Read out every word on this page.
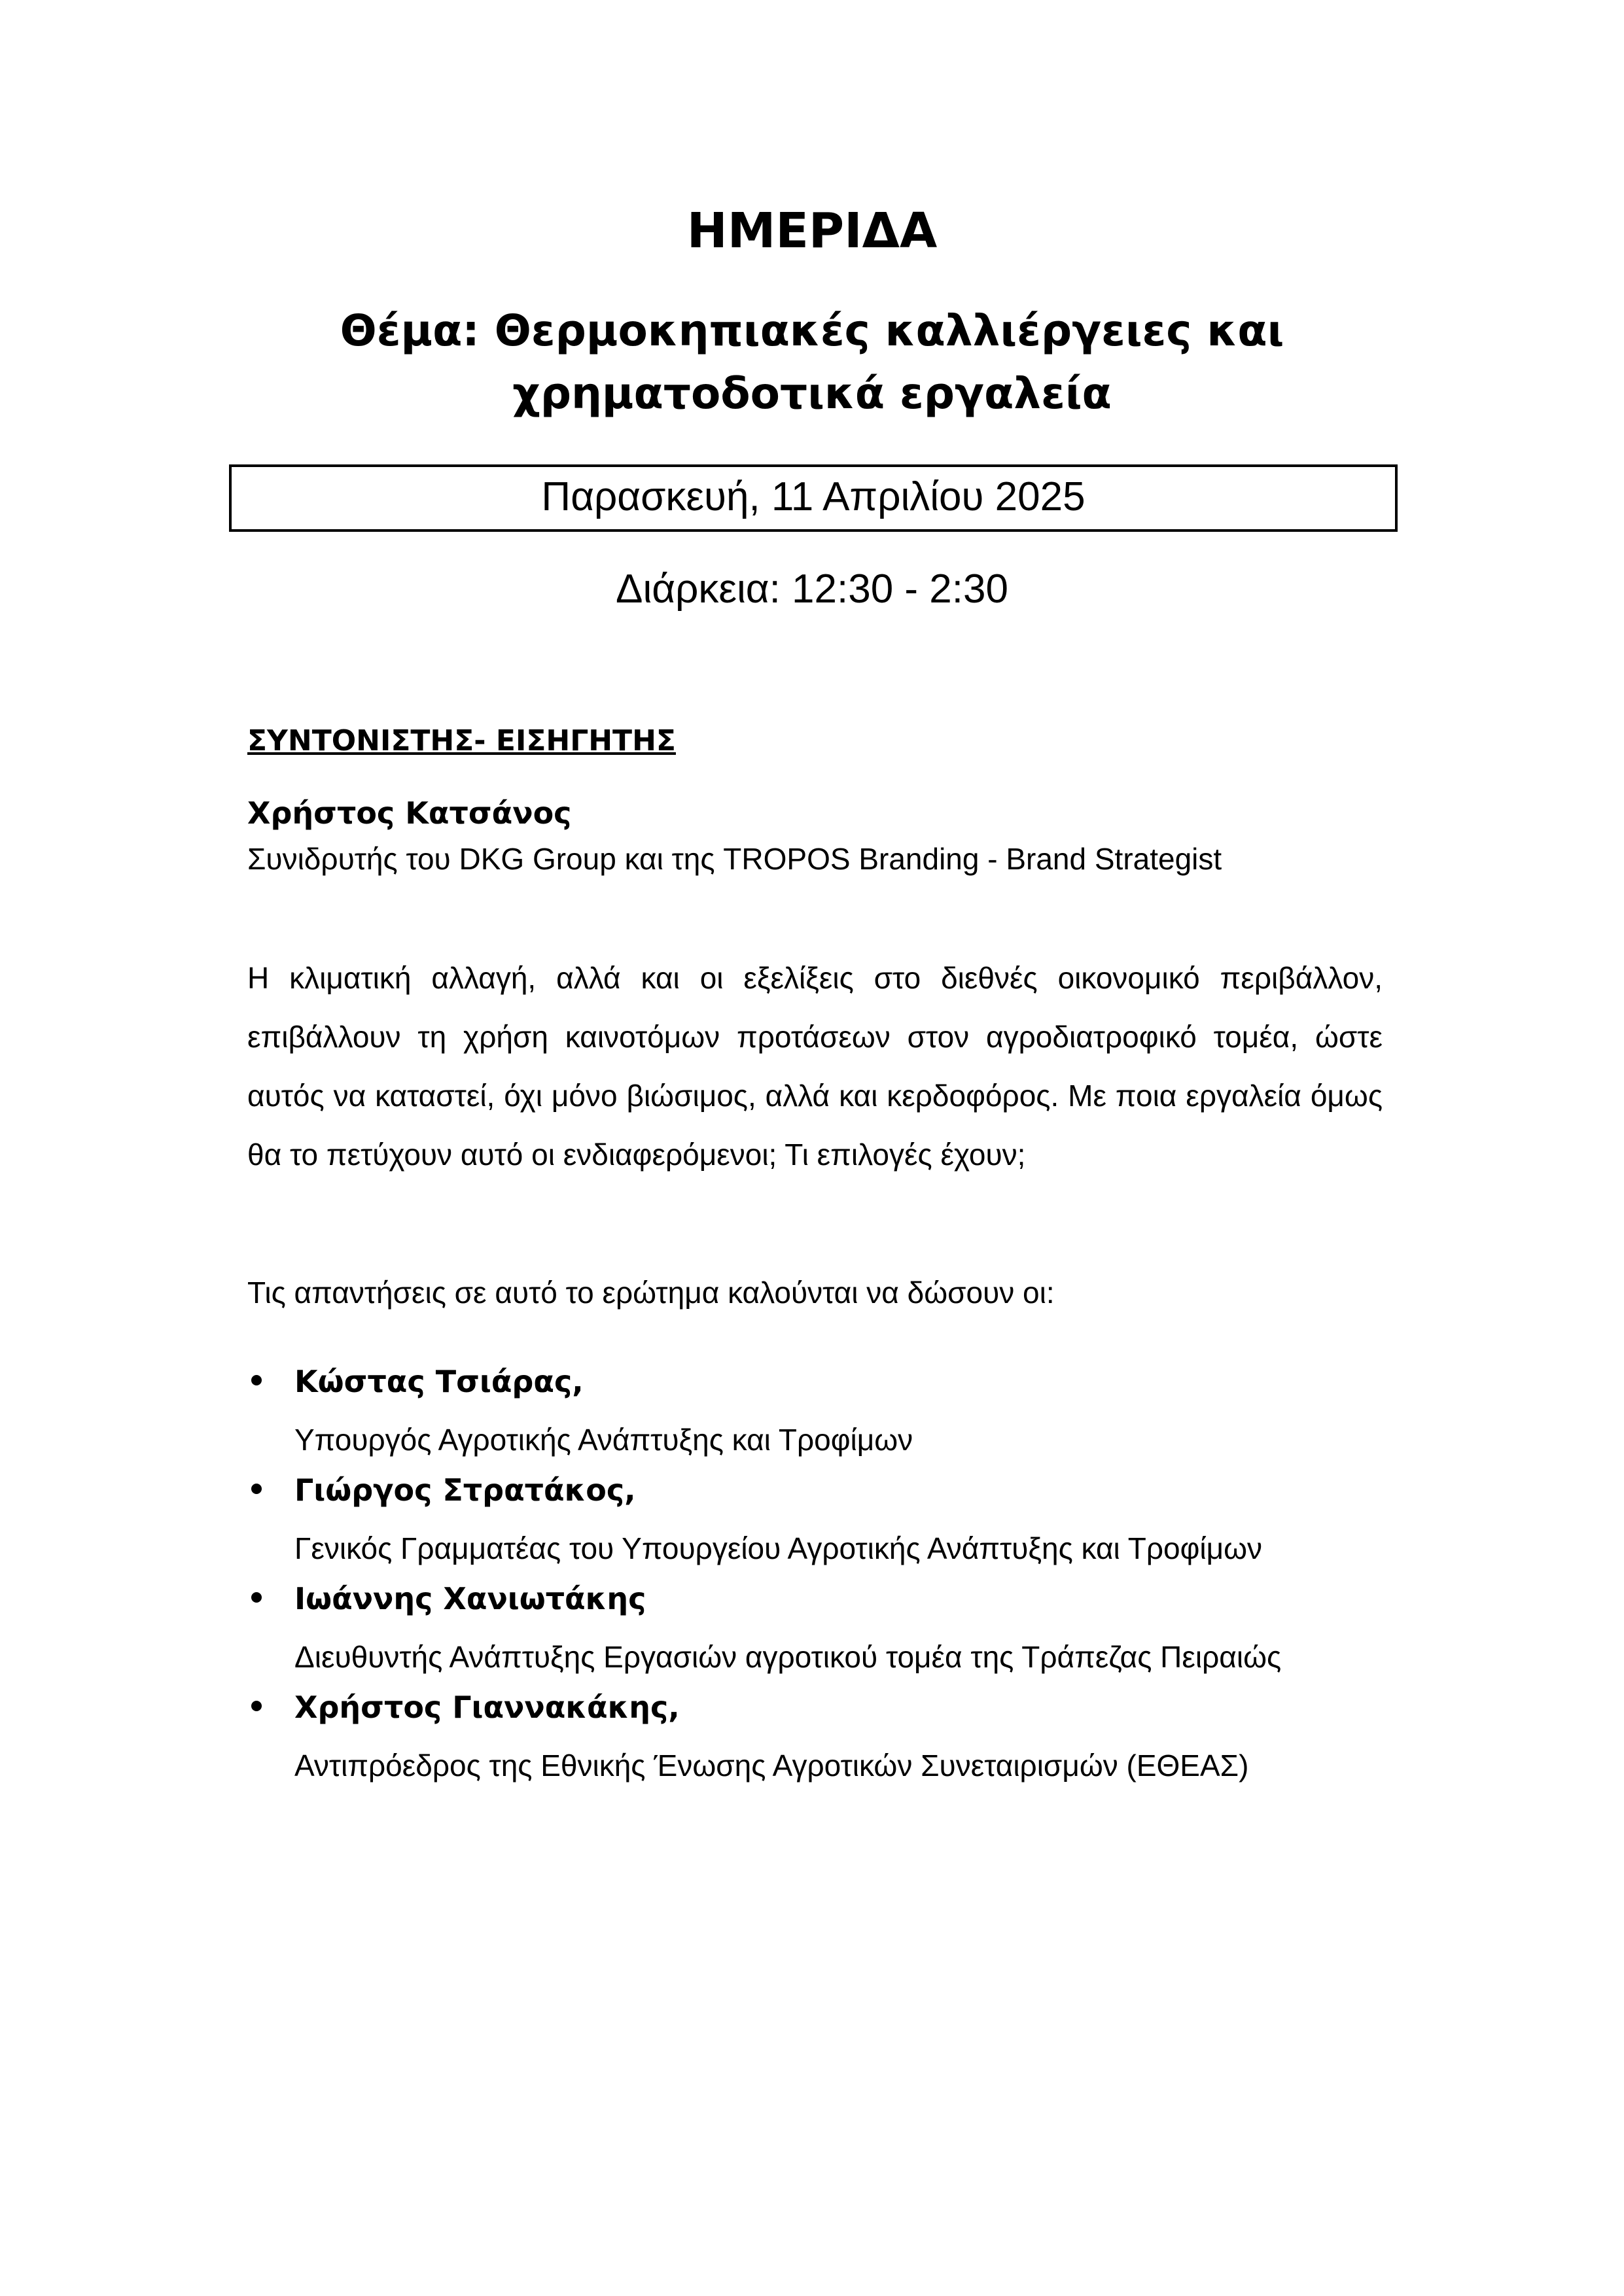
ΗΜΕΡΙΔΑ
Θέμα: Θερμοκηπιακές καλλιέργειες και
χρηματοδοτικά εργαλεία
Παρασκευή, 11 Απριλίου 2025
Διάρκεια: 12:30 - 2:30
ΣΥΝΤΟΝΙΣΤΗΣ- ΕΙΣΗΓΗΤΗΣ
Χρήστος Κατσάνος
Συνιδρυτής του DKG Group και της TROPOS Branding - Brand Strategist

Η κλιματική αλλαγή, αλλά και οι εξελίξεις στο διεθνές οικονομικό περιβάλλον, επιβάλλουν τη χρήση καινοτόμων προτάσεων στον αγροδιατροφικό τομέα, ώστε αυτός να καταστεί, όχι μόνο βιώσιμος, αλλά και κερδοφόρος. Με ποια εργαλεία όμως θα το πετύχουν αυτό οι ενδιαφερόμενοι; Τι επιλογές έχουν;

Τις απαντήσεις σε αυτό το ερώτημα καλούνται να δώσουν οι:
Κώστας Τσιάρας,
Υπουργός Αγροτικής Ανάπτυξης και Τροφίμων
Γιώργος Στρατάκος,
Γενικός Γραμματέας του Υπουργείου Αγροτικής Ανάπτυξης και Τροφίμων
Ιωάννης Χανιωτάκης
Διευθυντής Ανάπτυξης Εργασιών αγροτικού τομέα της Τράπεζας Πειραιώς
Χρήστος Γιαννακάκης,
Αντιπρόεδρος της Εθνικής Ένωσης Αγροτικών Συνεταιρισμών (ΕΘΕΑΣ)
